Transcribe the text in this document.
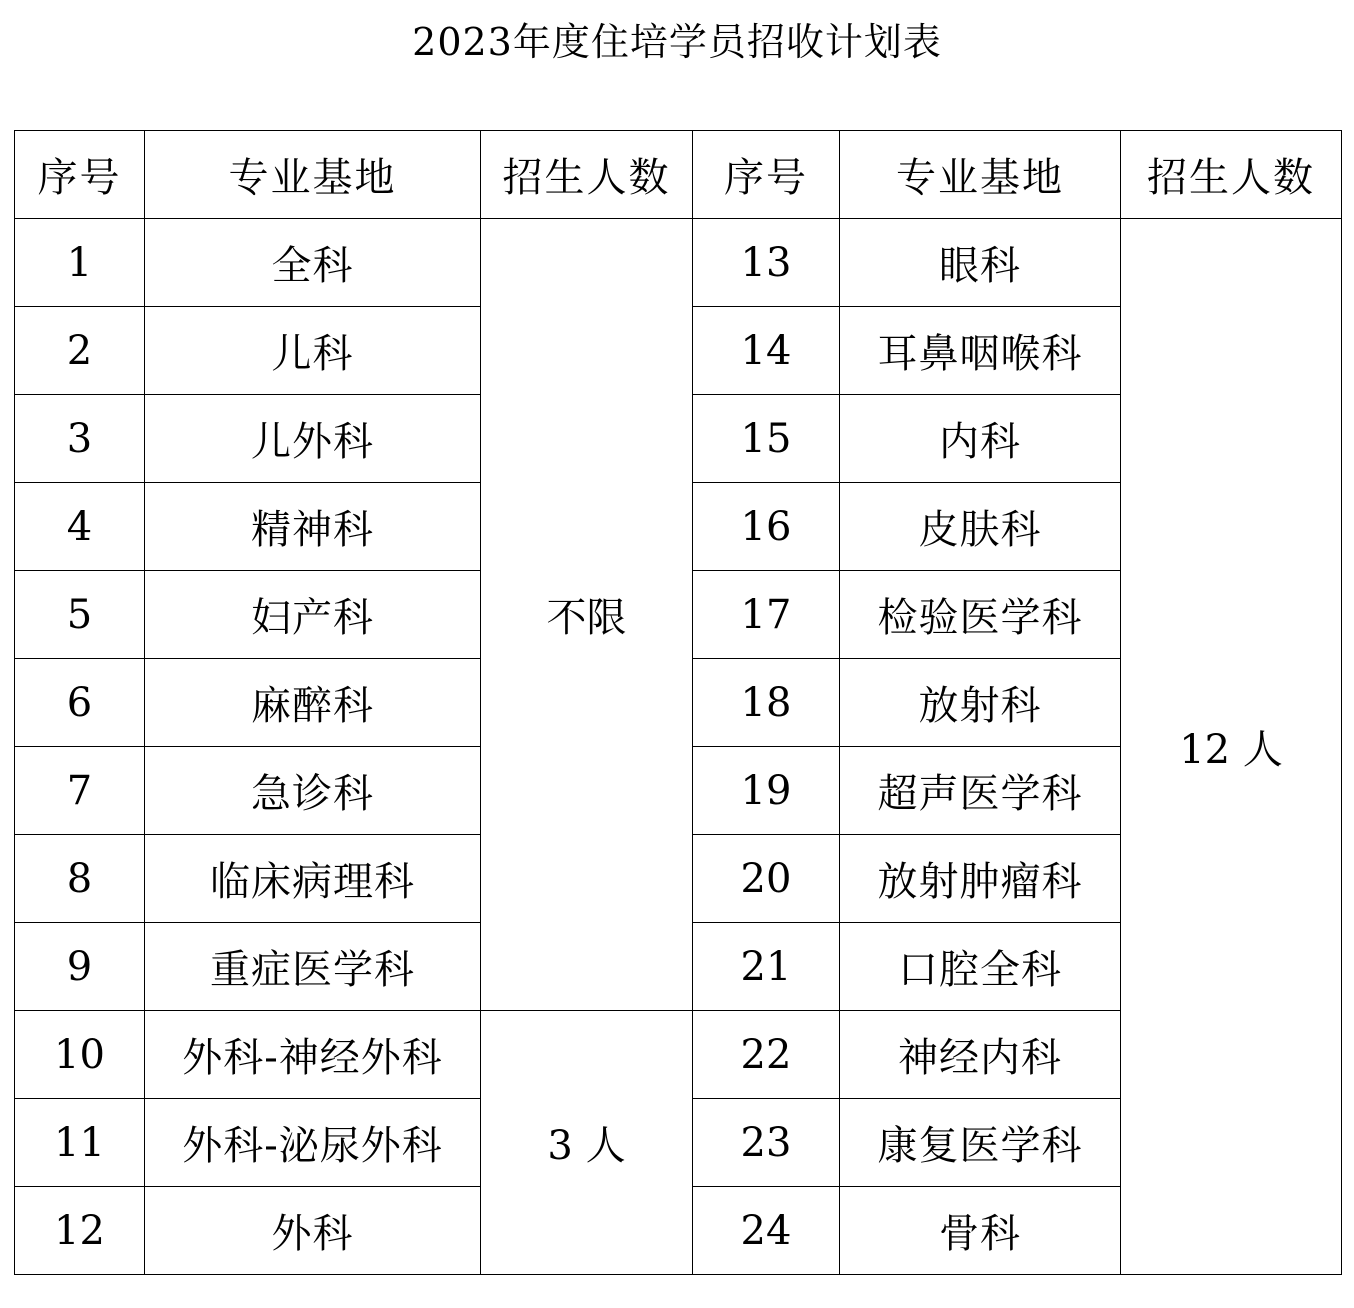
2023年度住培学员招收计划表
序号	专业基地	招生人数	序号	专业基地	招生人数
1	全科	不限	13	眼科	12 人
2	儿科		14	耳鼻咽喉科	
3	儿外科		15	内科	
4	精神科		16	皮肤科	
5	妇产科		17	检验医学科	
6	麻醉科		18	放射科	
7	急诊科		19	超声医学科	
8	临床病理科		20	放射肿瘤科	
9	重症医学科		21	口腔全科	
10	外科-神经外科	3 人	22	神经内科	
11	外科-泌尿外科		23	康复医学科	
12	外科		24	骨科	
